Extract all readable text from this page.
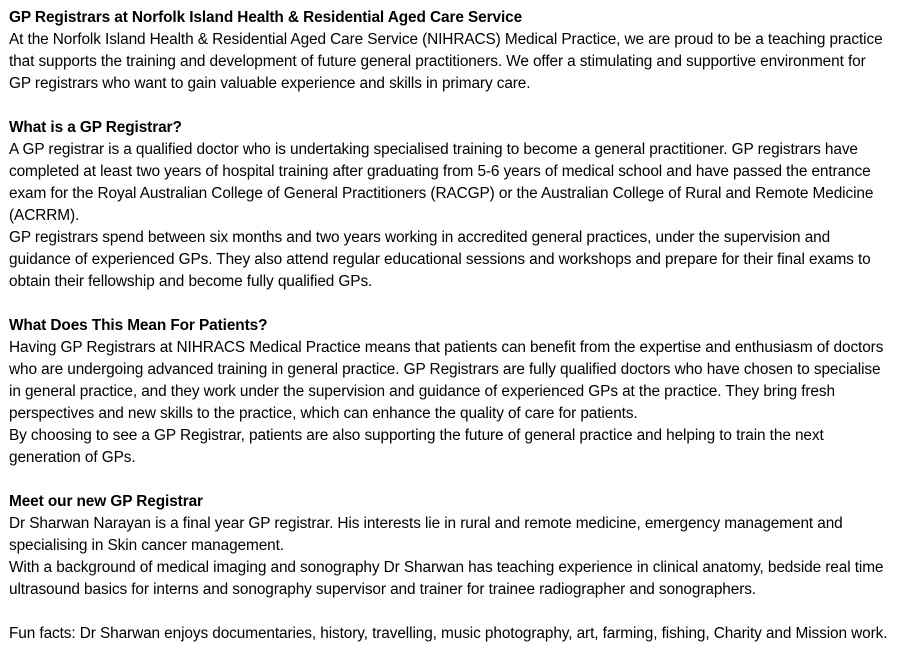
GP Registrars at Norfolk Island Health & Residential Aged Care Service

At the Norfolk Island Health & Residential Aged Care Service (NIHRACS) Medical Practice, we are proud to be a teaching practice that supports the training and development of future general practitioners. We offer a stimulating and supportive environment for GP registrars who want to gain valuable experience and skills in primary care.

What is a GP Registrar?

A GP registrar is a qualified doctor who is undertaking specialised training to become a general practitioner. GP registrars have completed at least two years of hospital training after graduating from 5-6 years of medical school and have passed the entrance exam for the Royal Australian College of General Practitioners (RACGP) or the Australian College of Rural and Remote Medicine (ACRRM).

GP registrars spend between six months and two years working in accredited general practices, under the supervision and guidance of experienced GPs. They also attend regular educational sessions and workshops and prepare for their final exams to obtain their fellowship and become fully qualified GPs.

What Does This Mean For Patients?

Having GP Registrars at NIHRACS Medical Practice means that patients can benefit from the expertise and enthusiasm of doctors who are undergoing advanced training in general practice. GP Registrars are fully qualified doctors who have chosen to specialise in general practice, and they work under the supervision and guidance of experienced GPs at the practice. They bring fresh perspectives and new skills to the practice, which can enhance the quality of care for patients.

By choosing to see a GP Registrar, patients are also supporting the future of general practice and helping to train the next generation of GPs.

Meet our new GP Registrar

Dr Sharwan Narayan is a final year GP registrar. His interests lie in rural and remote medicine, emergency management and specialising in Skin cancer management.

With a background of medical imaging and sonography Dr Sharwan has teaching experience in clinical anatomy, bedside real time ultrasound basics for interns and sonography supervisor and trainer for trainee radiographer and sonographers.

Fun facts: Dr Sharwan enjoys documentaries, history, travelling, music photography, art, farming, fishing, Charity and Mission work.
